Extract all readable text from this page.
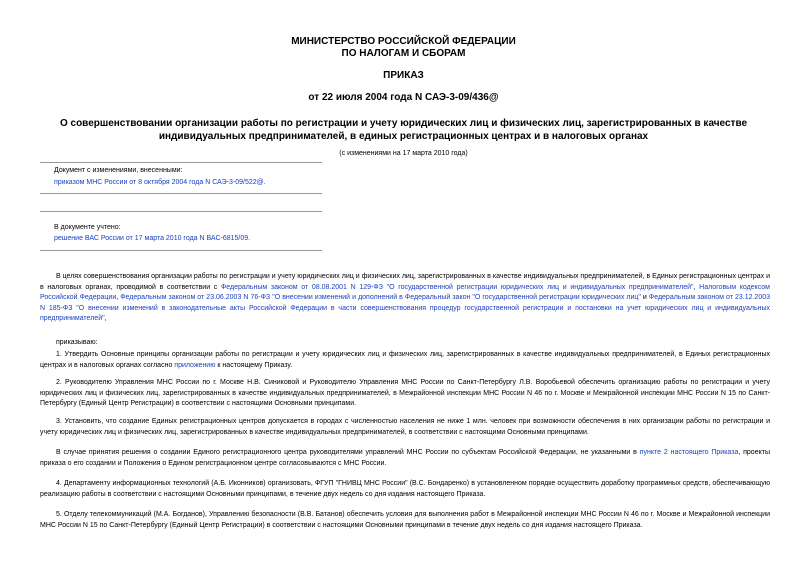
МИНИСТЕРСТВО РОССИЙСКОЙ ФЕДЕРАЦИИ
ПО НАЛОГАМ И СБОРАМ
ПРИКАЗ
от 22 июля 2004 года N САЭ-3-09/436@
О совершенствовании организации работы по регистрации и учету юридических лиц и физических лиц, зарегистрированных в качестве индивидуальных предпринимателей, в единых регистрационных центрах и в налоговых органах
(с изменениями на 17 марта 2010 года)
Документ с изменениями, внесенными:
приказом МНС России от 8 октября 2004 года N САЭ-3-09/522@.
В документе учтено:
решение ВАС России от 17 марта 2010 года N ВАС-6815/09.

В целях совершенствования организации работы по регистрации и учету юридических лиц и физических лиц, зарегистрированных в качестве индивидуальных предпринимателей, в Единых регистрационных центрах и в налоговых органах, проводимой в соответствии с Федеральным законом от 08.08.2001 N 129-ФЗ "О государственной регистрации юридических лиц и индивидуальных предпринимателей", Налоговым кодексом Российской Федерации, Федеральным законом от 23.06.2003 N 76-ФЗ "О внесении изменений и дополнений в Федеральный закон "О государственной регистрации юридических лиц" и Федеральным законом от 23.12.2003 N 185-ФЗ "О внесении изменений в законодательные акты Российской Федерации в части совершенствования процедур государственной регистрации и постановки на учет юридических лиц и индивидуальных предпринимателей",

приказываю:

1. Утвердить Основные принципы организации работы по регистрации и учету юридических лиц и физических лиц, зарегистрированных в качестве индивидуальных предпринимателей, в Единых регистрационных центрах и в налоговых органах согласно приложению к настоящему Приказу.

2. Руководителю Управления МНС России по г. Москве Н.В. Синиковой и Руководителю Управления МНС России по Санкт-Петербургу Л.В. Воробьевой обеспечить организацию работы по регистрации и учету юридических лиц и физических лиц, зарегистрированных в качестве индивидуальных предпринимателей, в Межрайонной инспекции МНС России N 46 по г. Москве и Межрайонной инспекции МНС России N 15 по Санкт-Петербургу (Единый Центр Регистрации) в соответствии с настоящими Основными принципами.

3. Установить, что создание Единых регистрационных центров допускается в городах с численностью населения не ниже 1 млн. человек при возможности обеспечения в них организации работы по регистрации и учету юридических лиц и физических лиц, зарегистрированных в качестве индивидуальных предпринимателей, в соответствии с настоящими Основными принципами.

В случае принятия решения о создании Единого регистрационного центра руководителями управлений МНС России по субъектам Российской Федерации, не указанными в пункте 2 настоящего Приказа, проекты приказа о его создании и Положения о Едином регистрационном центре согласовываются с МНС России.

4. Департаменту информационных технологий (А.Б. Иконников) организовать, ФГУП "ГНИВЦ МНС России" (В.С. Бондаренко) в установленном порядке осуществить доработку программных средств, обеспечивающую реализацию работы в соответствии с настоящими Основными принципами, в течение двух недель со дня издания настоящего Приказа.

5. Отделу телекоммуникаций (М.А. Богданов), Управлению безопасности (В.В. Батанов) обеспечить условия для выполнения работ в Межрайонной инспекции МНС России N 46 по г. Москве и Межрайонной инспекции МНС России N 15 по Санкт-Петербургу (Единый Центр Регистрации) в соответствии с настоящими Основными принципами в течение двух недель со дня издания настоящего Приказа.
